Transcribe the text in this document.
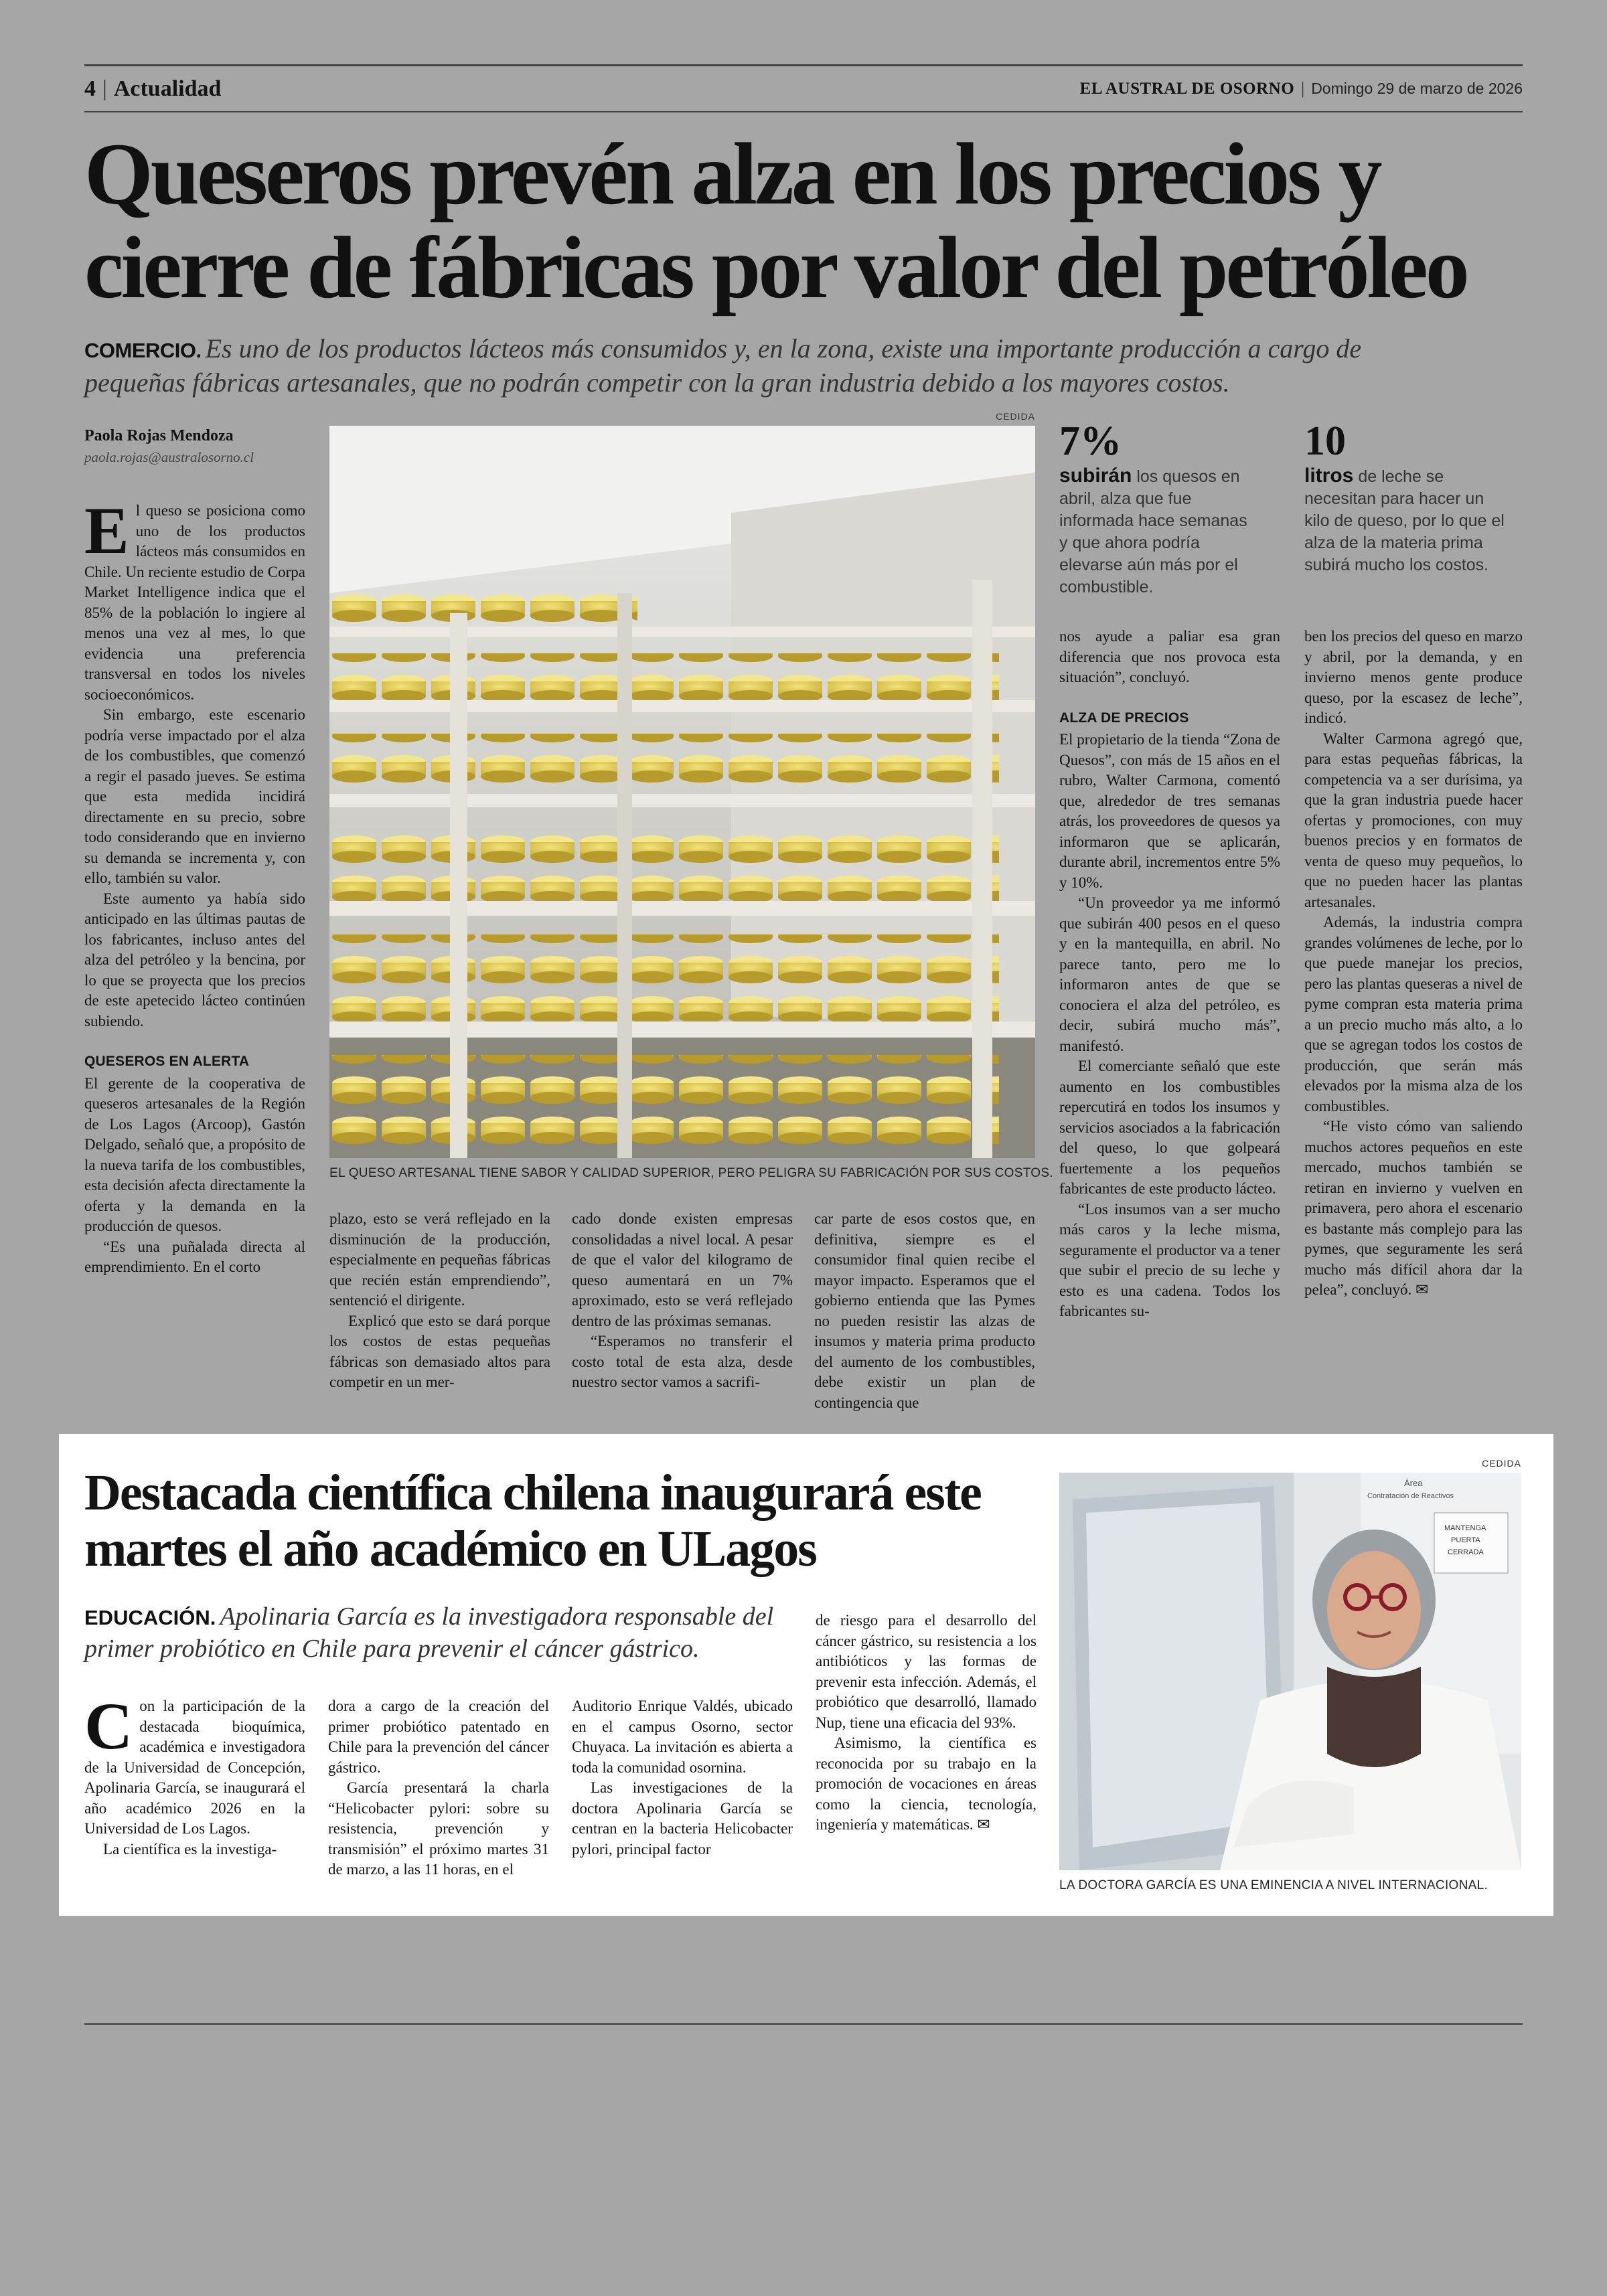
4 | Actualidad	EL AUSTRAL DE OSORNO | Domingo 29 de marzo de 2026
Queseros prevén alza en los precios y cierre de fábricas por valor del petróleo
COMERCIO. Es uno de los productos lácteos más consumidos y, en la zona, existe una importante producción a cargo de pequeñas fábricas artesanales, que no podrán competir con la gran industria debido a los mayores costos.
Paola Rojas Mendoza
paola.rojas@australosorno.cl

El queso se posiciona como uno de los productos lácteos más consumidos en Chile. Un reciente estudio de Corpa Market Intelligence indica que el 85% de la población lo ingiere al menos una vez al mes, lo que evidencia una preferencia transversal en todos los niveles socioeconómicos.

Sin embargo, este escenario podría verse impactado por el alza de los combustibles, que comenzó a regir el pasado jueves. Se estima que esta medida incidirá directamente en su precio, sobre todo considerando que en invierno su demanda se incrementa y, con ello, también su valor.

Este aumento ya había sido anticipado en las últimas pautas de los fabricantes, incluso antes del alza del petróleo y la bencina, por lo que se proyecta que los precios de este apetecido lácteo continúen subiendo.

QUESEROS EN ALERTA

El gerente de la cooperativa de queseros artesanales de la Región de Los Lagos (Arcoop), Gastón Delgado, señaló que, a propósito de la nueva tarifa de los combustibles, esta decisión afecta directamente la oferta y la demanda en la producción de quesos.

“Es una puñalada directa al emprendimiento. En el corto

CEDIDA
EL QUESO ARTESANAL TIENE SABOR Y CALIDAD SUPERIOR, PERO PELIGRA SU FABRICACIÓN POR SUS COSTOS.
7%
subirán los quesos en abril, alza que fue informada hace semanas y que ahora podría elevarse aún más por el combustible.
10
litros de leche se necesitan para hacer un kilo de queso, por lo que el alza de la materia prima subirá mucho los costos.

plazo, esto se verá reflejado en la disminución de la producción, especialmente en pequeñas fábricas que recién están emprendiendo”, sentenció el dirigente.

Explicó que esto se dará porque los costos de estas pequeñas fábricas son demasiado altos para competir en un mer-

cado donde existen empresas consolidadas a nivel local. A pesar de que el valor del kilogramo de queso aumentará en un 7% aproximado, esto se verá reflejado dentro de las próximas semanas.

“Esperamos no transferir el costo total de esta alza, desde nuestro sector vamos a sacrifi-

car parte de esos costos que, en definitiva, siempre es el consumidor final quien recibe el mayor impacto. Esperamos que el gobierno entienda que las Pymes no pueden resistir las alzas de insumos y materia prima producto del aumento de los combustibles, debe existir un plan de contingencia que

nos ayude a paliar esa gran diferencia que nos provoca esta situación”, concluyó.

ALZA DE PRECIOS

El propietario de la tienda “Zona de Quesos”, con más de 15 años en el rubro, Walter Carmona, comentó que, alrededor de tres semanas atrás, los proveedores de quesos ya informaron que se aplicarán, durante abril, incrementos entre 5% y 10%.

“Un proveedor ya me informó que subirán 400 pesos en el queso y en la mantequilla, en abril. No parece tanto, pero me lo informaron antes de que se conociera el alza del petróleo, es decir, subirá mucho más”, manifestó.

El comerciante señaló que este aumento en los combustibles repercutirá en todos los insumos y servicios asociados a la fabricación del queso, lo que golpeará fuertemente a los pequeños fabricantes de este producto lácteo.

“Los insumos van a ser mucho más caros y la leche misma, seguramente el productor va a tener que subir el precio de su leche y esto es una cadena. Todos los fabricantes su-

ben los precios del queso en marzo y abril, por la demanda, y en invierno menos gente produce queso, por la escasez de leche”, indicó.

Walter Carmona agregó que, para estas pequeñas fábricas, la competencia va a ser durísima, ya que la gran industria puede hacer ofertas y promociones, con muy buenos precios y en formatos de venta de queso muy pequeños, lo que no pueden hacer las plantas artesanales.

Además, la industria compra grandes volúmenes de leche, por lo que puede manejar los precios, pero las plantas queseras a nivel de pyme compran esta materia prima a un precio mucho más alto, a lo que se agregan todos los costos de producción, que serán más elevados por la misma alza de los combustibles.

“He visto cómo van saliendo muchos actores pequeños en este mercado, muchos también se retiran en invierno y vuelven en primavera, pero ahora el escenario es bastante más complejo para las pymes, que seguramente les será mucho más difícil ahora dar la pelea”, concluyó. ✉

Destacada científica chilena inaugurará este martes el año académico en ULagos
EDUCACIÓN. Apolinaria García es la investigadora responsable del primer probiótico en Chile para prevenir el cáncer gástrico.

Con la participación de la destacada bioquímica, académica e investigadora de la Universidad de Concepción, Apolinaria García, se inaugurará el año académico 2026 en la Universidad de Los Lagos.

La científica es la investiga-

dora a cargo de la creación del primer probiótico patentado en Chile para la prevención del cáncer gástrico.

García presentará la charla “Helicobacter pylori: sobre su resistencia, prevención y transmisión” el próximo martes 31 de marzo, a las 11 horas, en el

Auditorio Enrique Valdés, ubicado en el campus Osorno, sector Chuyaca. La invitación es abierta a toda la comunidad osornina.

Las investigaciones de la doctora Apolinaria García se centran en la bacteria Helicobacter pylori, principal factor

de riesgo para el desarrollo del cáncer gástrico, su resistencia a los antibióticos y las formas de prevenir esta infección. Además, el probiótico que desarrolló, llamado Nup, tiene una eficacia del 93%.

Asimismo, la científica es reconocida por su trabajo en la promoción de vocaciones en áreas como la ciencia, tecnología, ingeniería y matemáticas. ✉

CEDIDA
Área
Contratación de Reactivos
MANTENGA
PUERTA
CERRADA
LA DOCTORA GARCÍA ES UNA EMINENCIA A NIVEL INTERNACIONAL.
